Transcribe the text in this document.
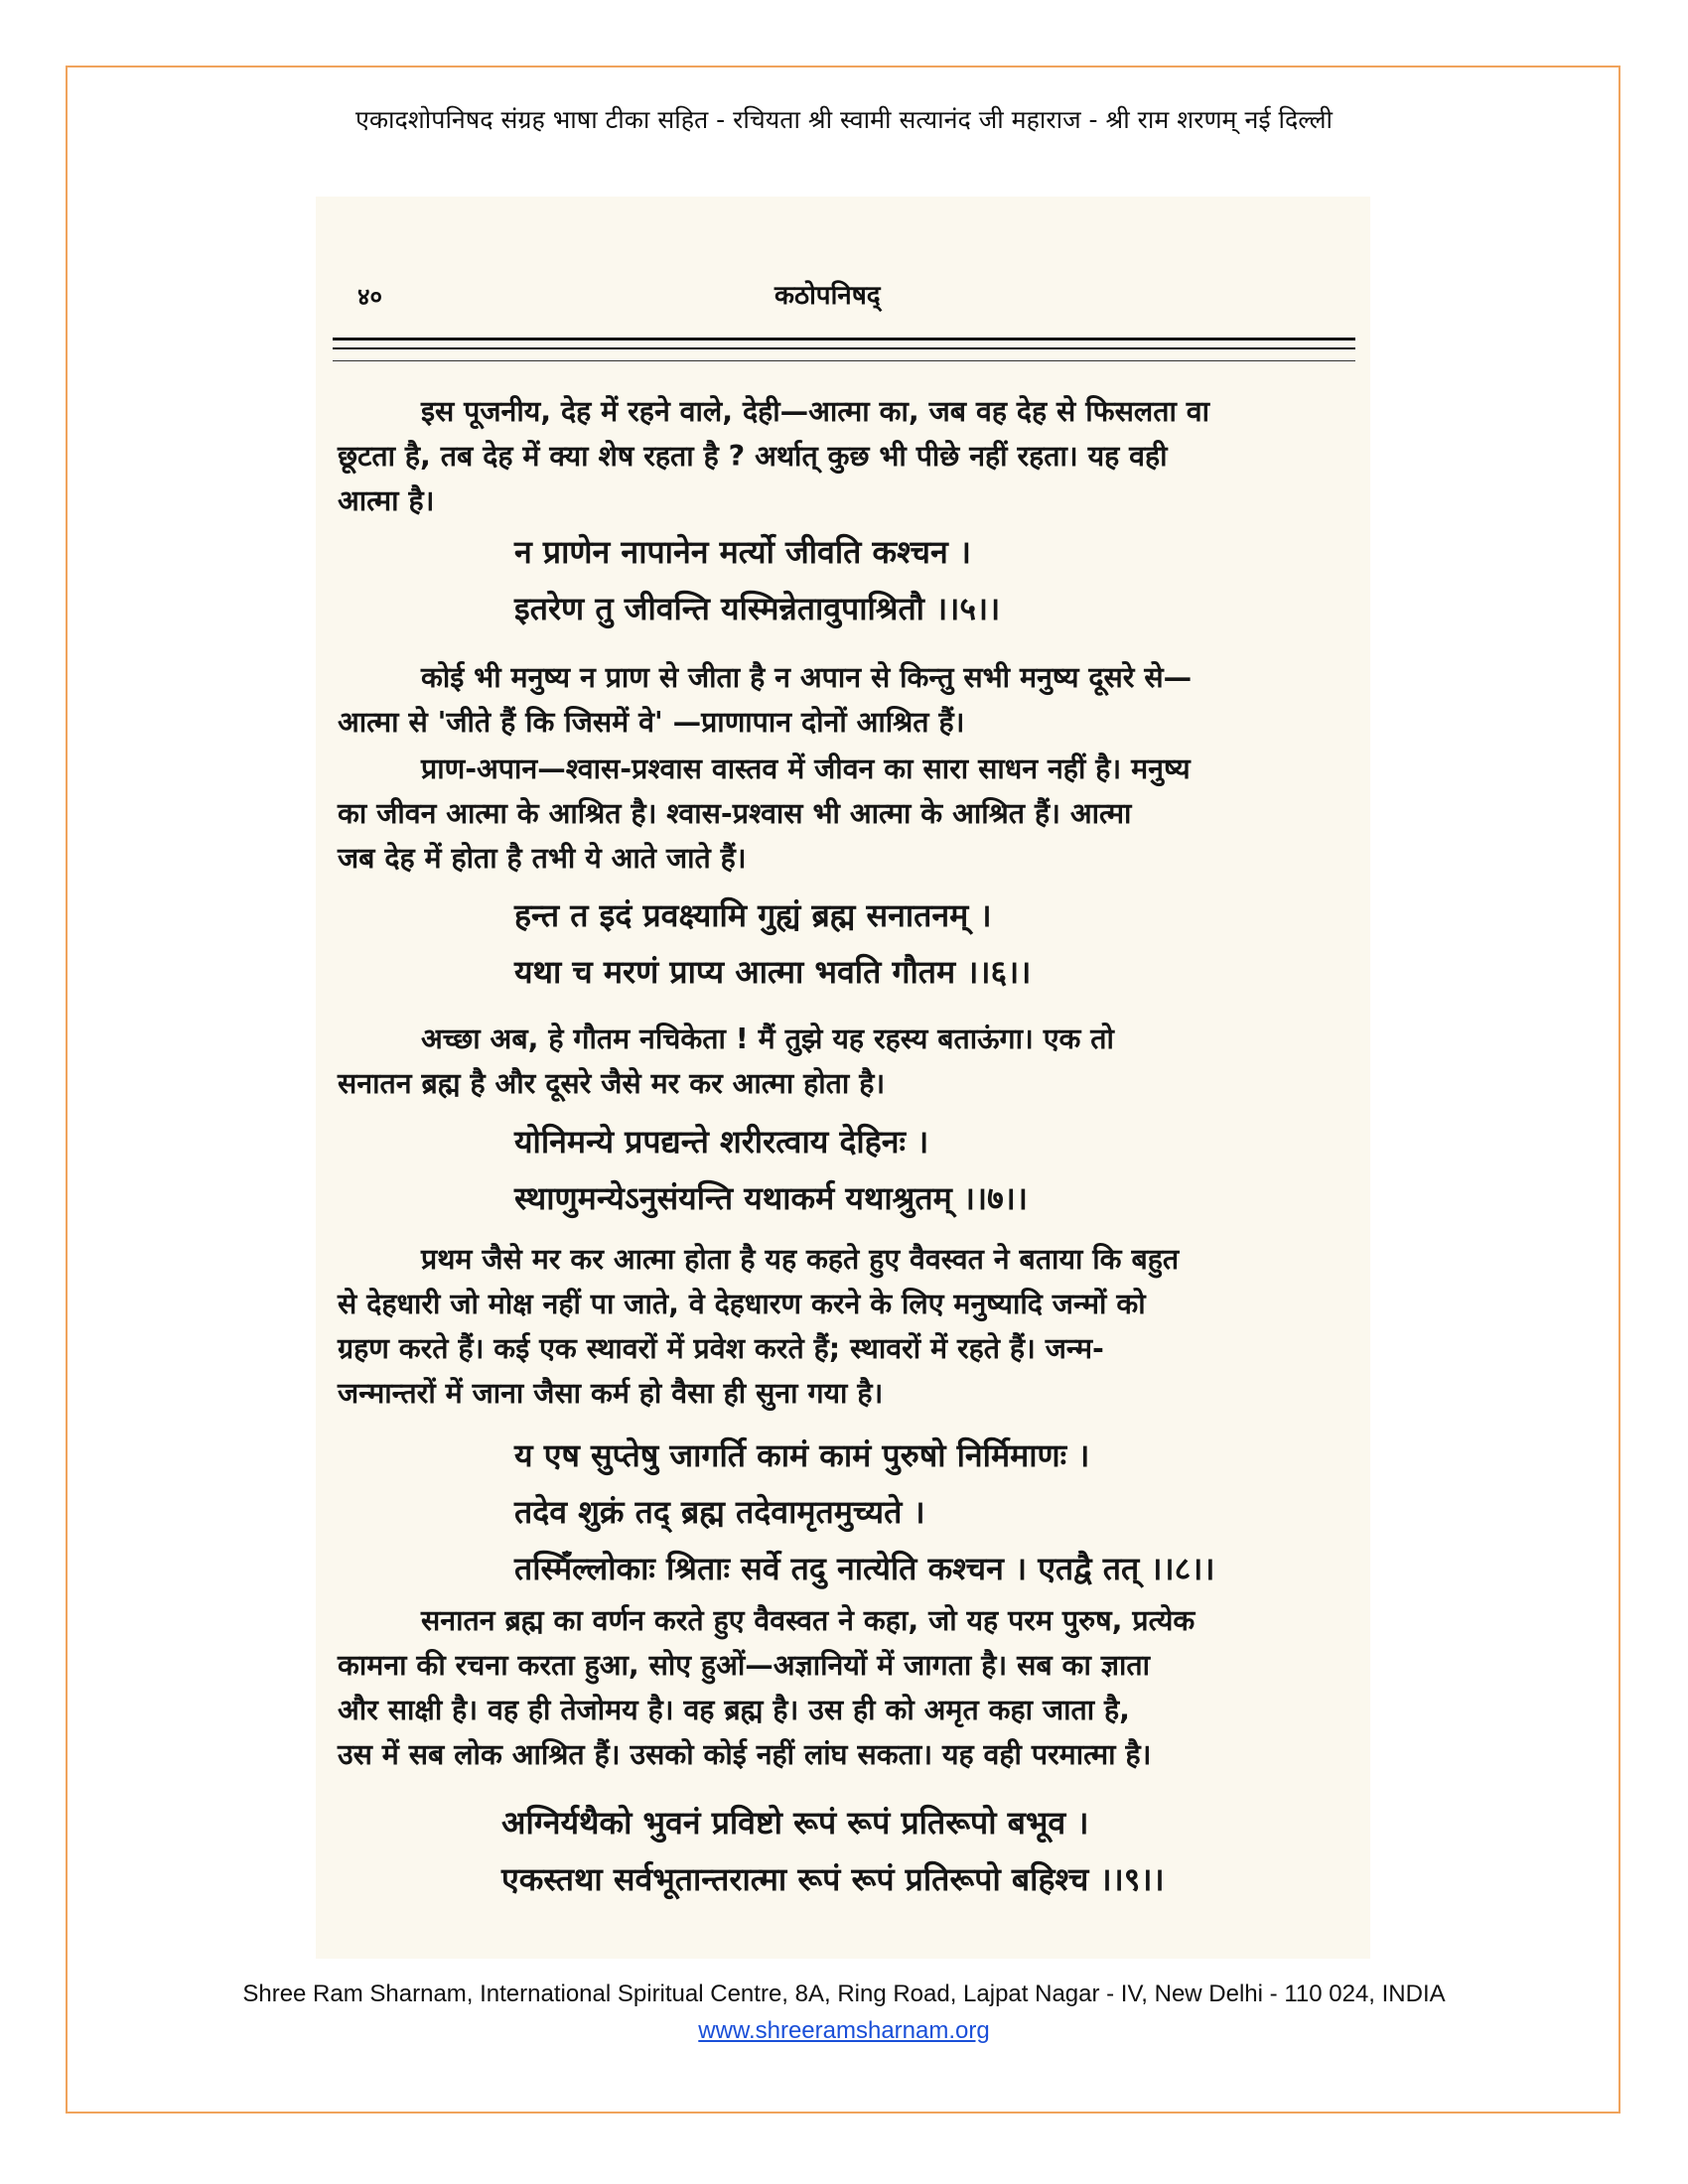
एकादशोपनिषद संग्रह भाषा टीका सहित - रचियता श्री स्वामी सत्यानंद जी महाराज - श्री राम शरणम् नई दिल्ली
४०	कठोपनिषद्
इस पूजनीय, देह में रहने वाले, देही—आत्मा का, जब वह देह से फिसलता वा
छूटता है, तब देह में क्या शेष रहता है ? अर्थात् कुछ भी पीछे नहीं रहता। यह वही
आत्मा है।
न प्राणेन नापानेन मर्त्यो जीवति कश्चन ।
इतरेण तु जीवन्ति यस्मिन्नेतावुपाश्रितौ ।।५।।
कोई भी मनुष्य न प्राण से जीता है न अपान से किन्तु सभी मनुष्य दूसरे से—
आत्मा से 'जीते हैं कि जिसमें वे' —प्राणापान दोनों आश्रित हैं।
प्राण-अपान—श्वास-प्रश्वास वास्तव में जीवन का सारा साधन नहीं है। मनुष्य
का जीवन आत्मा के आश्रित है। श्वास-प्रश्वास भी आत्मा के आश्रित हैं। आत्मा
जब देह में होता है तभी ये आते जाते हैं।
हन्त त इदं प्रवक्ष्यामि गुह्यं ब्रह्म सनातनम् ।
यथा च मरणं प्राप्य आत्मा भवति गौतम ।।६।।
अच्छा अब, हे गौतम नचिकेता ! मैं तुझे यह रहस्य बताऊंगा। एक तो
सनातन ब्रह्म है और दूसरे जैसे मर कर आत्मा होता है।
योनिमन्ये प्रपद्यन्ते शरीरत्वाय देहिनः ।
स्थाणुमन्येऽनुसंयन्ति यथाकर्म यथाश्रुतम् ।।७।।
प्रथम जैसे मर कर आत्मा होता है यह कहते हुए वैवस्वत ने बताया कि बहुत
से देहधारी जो मोक्ष नहीं पा जाते, वे देहधारण करने के लिए मनुष्यादि जन्मों को
ग्रहण करते हैं। कई एक स्थावरों में प्रवेश करते हैं; स्थावरों में रहते हैं। जन्म-
जन्मान्तरों में जाना जैसा कर्म हो वैसा ही सुना गया है।
य एष सुप्तेषु जागर्ति कामं कामं पुरुषो निर्मिमाणः ।
तदेव शुक्रं तद् ब्रह्म तदेवामृतमुच्यते ।
तस्मिँल्लोकाः श्रिताः सर्वे तदु नात्येति कश्चन । एतद्वै तत् ।।८।।
सनातन ब्रह्म का वर्णन करते हुए वैवस्वत ने कहा, जो यह परम पुरुष, प्रत्येक
कामना की रचना करता हुआ, सोए हुओं—अज्ञानियों में जागता है। सब का ज्ञाता
और साक्षी है। वह ही तेजोमय है। वह ब्रह्म है। उस ही को अमृत कहा जाता है,
उस में सब लोक आश्रित हैं। उसको कोई नहीं लांघ सकता। यह वही परमात्मा है।
अग्निर्यथैको भुवनं प्रविष्टो रूपं रूपं प्रतिरूपो बभूव ।
एकस्तथा सर्वभूतान्तरात्मा रूपं रूपं प्रतिरूपो बहिश्च ।।९।।
Shree Ram Sharnam, International Spiritual Centre, 8A, Ring Road, Lajpat Nagar - IV, New Delhi - 110 024, INDIA
www.shreeramsharnam.org
